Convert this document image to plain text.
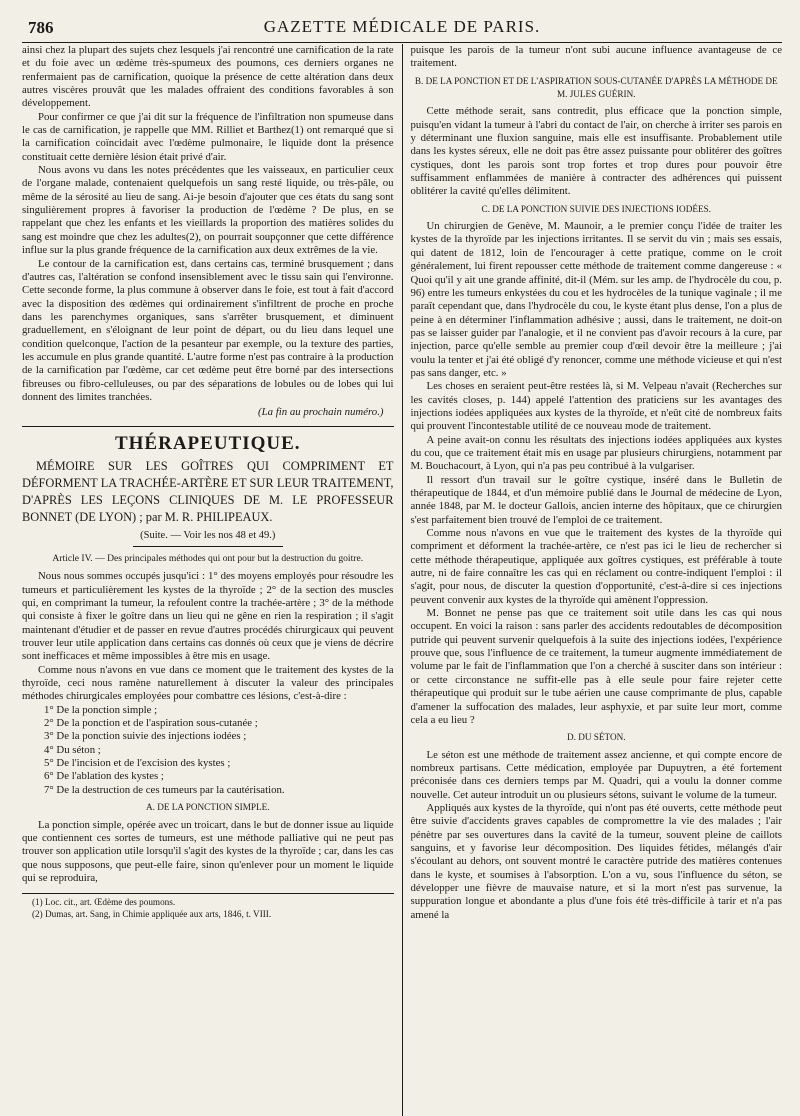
786	GAZETTE MÉDICALE DE PARIS.

ainsi chez la plupart des sujets chez lesquels j'ai rencontré une carnification de la rate et du foie avec un œdème très-spumeux des poumons, ces derniers organes ne renfermaient pas de carnification, quoique la présence de cette altération dans deux autres viscères prouvât que les malades offraient des conditions favorables à son développement.

Pour confirmer ce que j'ai dit sur la fréquence de l'infiltration non spumeuse dans le cas de carnification, je rappelle que MM. Rilliet et Barthez(1) ont remarqué que si la carnification coïncidait avec l'œdème pulmonaire, le liquide dont la présence constituait cette dernière lésion était privé d'air.

Nous avons vu dans les notes précédentes que les vaisseaux, en particulier ceux de l'organe malade, contenaient quelquefois un sang resté liquide, ou très-pâle, ou même de la sérosité au lieu de sang. Ai-je besoin d'ajouter que ces états du sang sont singulièrement propres à favoriser la production de l'œdème ? De plus, en se rappelant que chez les enfants et les vieillards la proportion des matières solides du sang est moindre que chez les adultes(2), on pourrait soupçonner que cette différence influe sur la plus grande fréquence de la carnification aux deux extrêmes de la vie.

Le contour de la carnification est, dans certains cas, terminé brusquement ; dans d'autres cas, l'altération se confond insensiblement avec le tissu sain qui l'environne. Cette seconde forme, la plus commune à observer dans le foie, est tout à fait d'accord avec la disposition des œdèmes qui ordinairement s'infiltrent de proche en proche dans les parenchymes organiques, sans s'arrêter brusquement, et diminuent graduellement, en s'éloignant de leur point de départ, ou du lieu dans lequel une condition quelconque, l'action de la pesanteur par exemple, ou la texture des parties, les accumule en plus grande quantité. L'autre forme n'est pas contraire à la production de la carnification par l'œdème, car cet œdème peut être borné par des intersections fibreuses ou fibro-celluleuses, ou par des séparations de lobules ou de lobes qui lui donnent des limites tranchées.

(La fin au prochain numéro.)

THÉRAPEUTIQUE.

MÉMOIRE SUR LES GOÎTRES QUI COMPRIMENT ET DÉFORMENT LA TRACHÉE-ARTÈRE ET SUR LEUR TRAITEMENT, D'APRÈS LES LEÇONS CLINIQUES DE M. LE PROFESSEUR BONNET (DE LYON) ; par M. R. PHILIPEAUX.

(Suite. — Voir les nos 48 et 49.)
Article IV. — Des principales méthodes qui ont pour but la destruction du goitre.

Nous nous sommes occupés jusqu'ici : 1° des moyens employés pour résoudre les tumeurs et particulièrement les kystes de la thyroïde ; 2° de la section des muscles qui, en comprimant la tumeur, la refoulent contre la trachée-artère ; 3° de la méthode qui consiste à fixer le goître dans un lieu qui ne gêne en rien la respiration ; il s'agit maintenant d'étudier et de passer en revue d'autres procédés chirurgicaux qui peuvent trouver leur utile application dans certains cas donnés où ceux que je viens de décrire sont inefficaces et même impossibles à être mis en usage.

Comme nous n'avons en vue dans ce moment que le traitement des kystes de la thyroïde, ceci nous ramène naturellement à discuter la valeur des principales méthodes chirurgicales employées pour combattre ces lésions, c'est-à-dire :

1° De la ponction simple ;

2° De la ponction et de l'aspiration sous-cutanée ;

3° De la ponction suivie des injections iodées ;

4° Du séton ;

5° De l'incision et de l'excision des kystes ;

6° De l'ablation des kystes ;

7° De la destruction de ces tumeurs par la cautérisation.

A. DE LA PONCTION SIMPLE.

La ponction simple, opérée avec un troicart, dans le but de donner issue au liquide que contiennent ces sortes de tumeurs, est une méthode palliative qui ne peut pas trouver son application utile lorsqu'il s'agit des kystes de la thyroïde ; car, dans les cas que nous supposons, que peut-elle faire, sinon qu'enlever pour un moment le liquide qui se reproduira,

(1) Loc. cit., art. Œdème des poumons.

(2) Dumas, art. Sang, in Chimie appliquée aux arts, 1846, t. VIII.

puisque les parois de la tumeur n'ont subi aucune influence avantageuse de ce traitement.

B. DE LA PONCTION ET DE L'ASPIRATION SOUS-CUTANÉE D'APRÈS LA MÉTHODE DE M. JULES GUÉRIN.

Cette méthode serait, sans contredit, plus efficace que la ponction simple, puisqu'en vidant la tumeur à l'abri du contact de l'air, on cherche à irriter ses parois en y déterminant une fluxion sanguine, mais elle est insuffisante. Probablement utile dans les kystes séreux, elle ne doit pas être assez puissante pour oblitérer des goîtres cystiques, dont les parois sont trop fortes et trop dures pour pouvoir être suffisamment enflammées de manière à contracter des adhérences qui puissent oblitérer la cavité qu'elles délimitent.

C. DE LA PONCTION SUIVIE DES INJECTIONS IODÉES.

Un chirurgien de Genève, M. Maunoir, a le premier conçu l'idée de traiter les kystes de la thyroïde par les injections irritantes. Il se servit du vin ; mais ses essais, qui datent de 1812, loin de l'encourager à cette pratique, comme on le croit généralement, lui firent repousser cette méthode de traitement comme dangereuse : « Quoi qu'il y ait une grande affinité, dit-il (Mém. sur les amp. de l'hydrocèle du cou, p. 96) entre les tumeurs enkystées du cou et les hydrocèles de la tunique vaginale ; il me paraît cependant que, dans l'hydrocèle du cou, le kyste étant plus dense, l'on a plus de peine à en déterminer l'inflammation adhésive ; aussi, dans le traitement, ne doit-on pas se laisser guider par l'analogie, et il ne convient pas d'avoir recours à la cure, par injection, parce qu'elle semble au premier coup d'œil devoir être la meilleure ; j'ai voulu la tenter et j'ai été obligé d'y renoncer, comme une méthode vicieuse et qui n'est pas sans danger, etc. »

Les choses en seraient peut-être restées là, si M. Velpeau n'avait (Recherches sur les cavités closes, p. 144) appelé l'attention des praticiens sur les avantages des injections iodées appliquées aux kystes de la thyroïde, et n'eût cité de nombreux faits qui prouvent l'incontestable utilité de ce nouveau mode de traitement.

A peine avait-on connu les résultats des injections iodées appliquées aux kystes du cou, que ce traitement était mis en usage par plusieurs chirurgiens, notamment par M. Bouchacourt, à Lyon, qui n'a pas peu contribué à la vulgariser.

Il ressort d'un travail sur le goître cystique, inséré dans le Bulletin de thérapeutique de 1844, et d'un mémoire publié dans le Journal de médecine de Lyon, année 1848, par M. le docteur Gallois, ancien interne des hôpitaux, que ce chirurgien s'est parfaitement bien trouvé de l'emploi de ce traitement.

Comme nous n'avons en vue que le traitement des kystes de la thyroïde qui compriment et déforment la trachée-artère, ce n'est pas ici le lieu de rechercher si cette méthode thérapeutique, appliquée aux goîtres cystiques, est préférable à toute autre, ni de faire connaître les cas qui en réclament ou contre-indiquent l'emploi : il s'agit, pour nous, de discuter la question d'opportunité, c'est-à-dire si ces injections peuvent convenir aux kystes de la thyroïde qui amènent l'oppression.

M. Bonnet ne pense pas que ce traitement soit utile dans les cas qui nous occupent. En voici la raison : sans parler des accidents redoutables de décomposition putride qui peuvent survenir quelquefois à la suite des injections iodées, l'expérience prouve que, sous l'influence de ce traitement, la tumeur augmente immédiatement de volume par le fait de l'inflammation que l'on a cherché à susciter dans son intérieur : or cette circonstance ne suffit-elle pas à elle seule pour faire rejeter cette thérapeutique qui produit sur le tube aérien une cause comprimante de plus, capable d'amener la suffocation des malades, leur asphyxie, et par suite leur mort, comme cela a eu lieu ?

D. DU SÉTON.

Le séton est une méthode de traitement assez ancienne, et qui compte encore de nombreux partisans. Cette médication, employée par Dupuytren, a été fortement préconisée dans ces derniers temps par M. Quadri, qui a voulu la donner comme nouvelle. Cet auteur introduit un ou plusieurs sétons, suivant le volume de la tumeur.

Appliqués aux kystes de la thyroïde, qui n'ont pas été ouverts, cette méthode peut être suivie d'accidents graves capables de compromettre la vie des malades ; l'air pénètre par ses ouvertures dans la cavité de la tumeur, souvent pleine de caillots sanguins, et y favorise leur décomposition. Des liquides fétides, mélangés d'air s'écoulant au dehors, ont souvent montré le caractère putride des matières contenues dans le kyste, et soumises à l'absorption. L'on a vu, sous l'influence du séton, se développer une fièvre de mauvaise nature, et si la mort n'est pas survenue, la suppuration longue et abondante a plus d'une fois été très-difficile à tarir et n'a pas amené la
